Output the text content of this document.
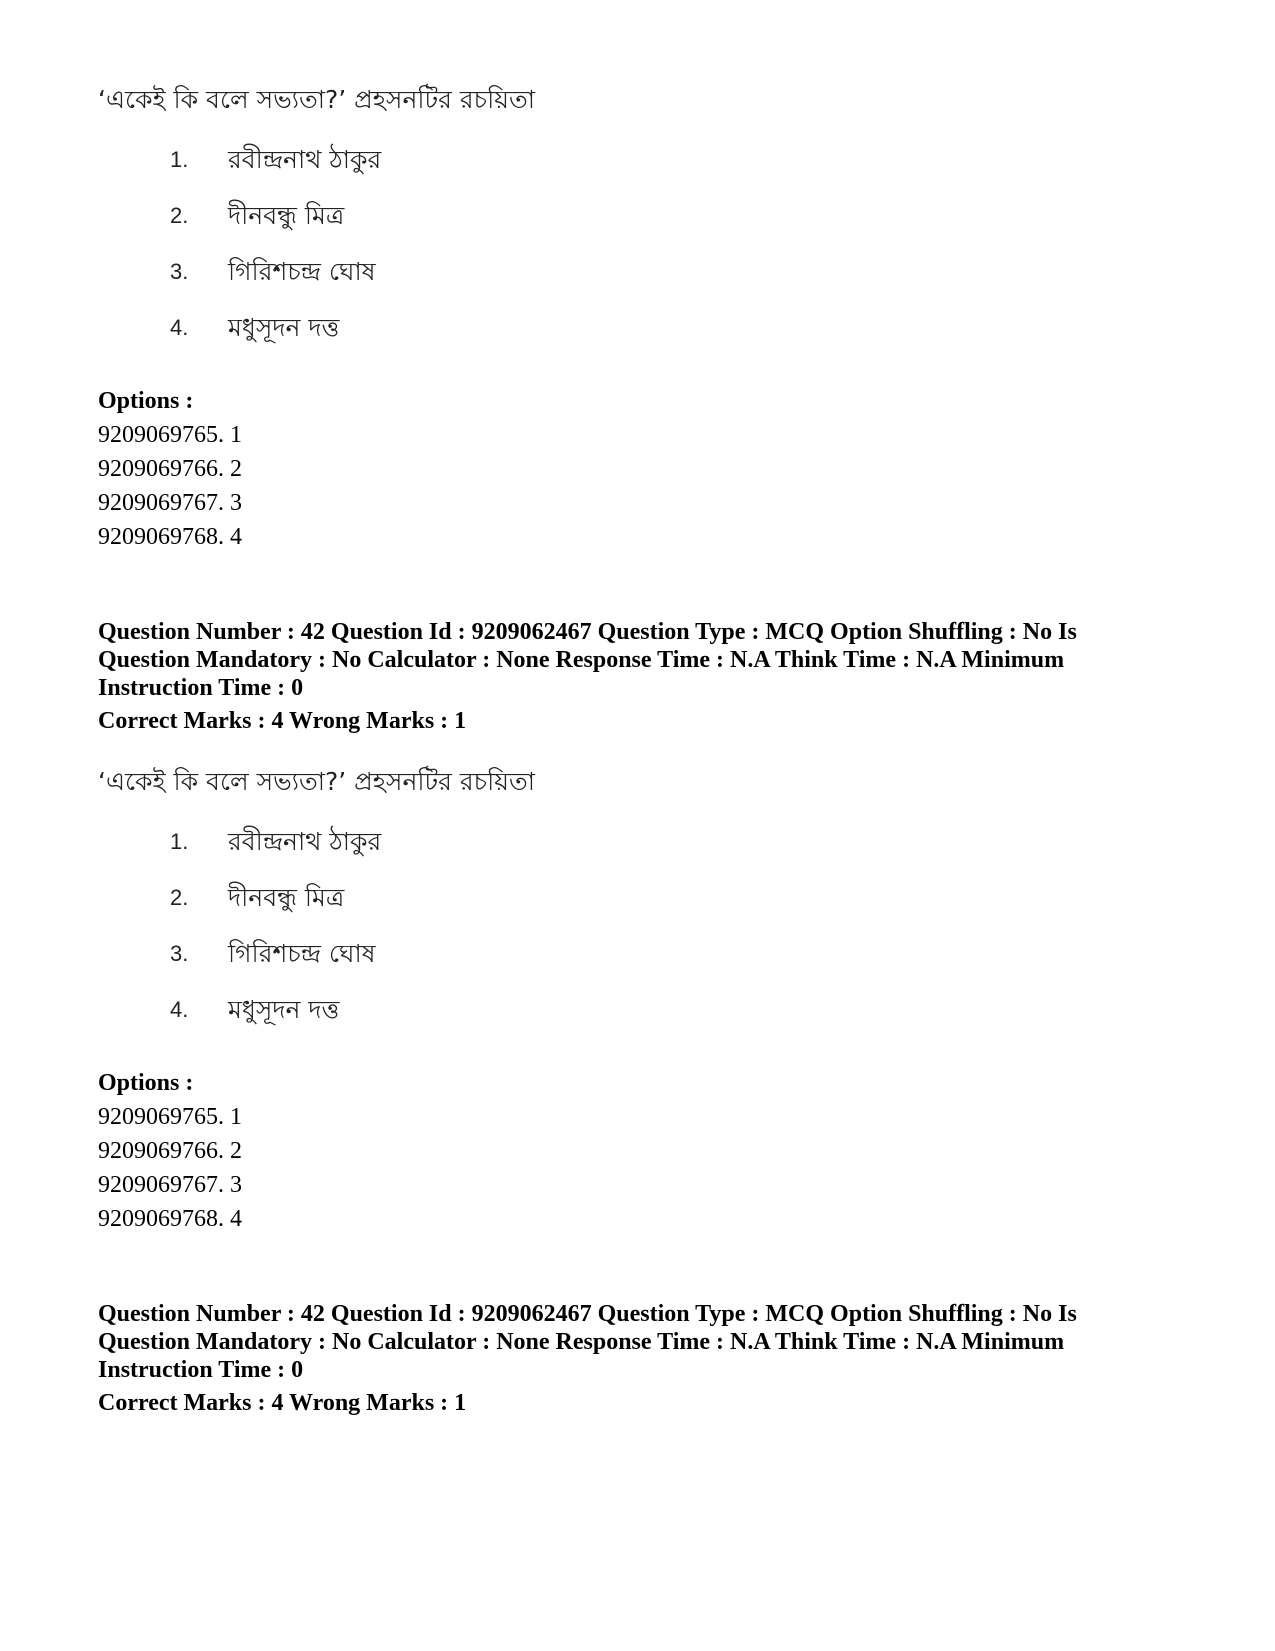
‘একেই কি বলে সভ্যতা?’ প্রহসনটির রচয়িতা
1. রবীন্দ্রনাথ ঠাকুর
2. দীনবন্ধু মিত্র
3. গিরিশচন্দ্র ঘোষ
4. মধুসূদন দত্ত
Options :
9209069765. 1
9209069766. 2
9209069767. 3
9209069768. 4
Question Number : 42 Question Id : 9209062467 Question Type : MCQ Option Shuffling : No Is
Question Mandatory : No Calculator : None Response Time : N.A Think Time : N.A Minimum
Instruction Time : 0
Correct Marks : 4 Wrong Marks : 1
‘একেই কি বলে সভ্যতা?’ প্রহসনটির রচয়িতা
1. রবীন্দ্রনাথ ঠাকুর
2. দীনবন্ধু মিত্র
3. গিরিশচন্দ্র ঘোষ
4. মধুসূদন দত্ত
Options :
9209069765. 1
9209069766. 2
9209069767. 3
9209069768. 4
Question Number : 42 Question Id : 9209062467 Question Type : MCQ Option Shuffling : No Is
Question Mandatory : No Calculator : None Response Time : N.A Think Time : N.A Minimum
Instruction Time : 0
Correct Marks : 4 Wrong Marks : 1
